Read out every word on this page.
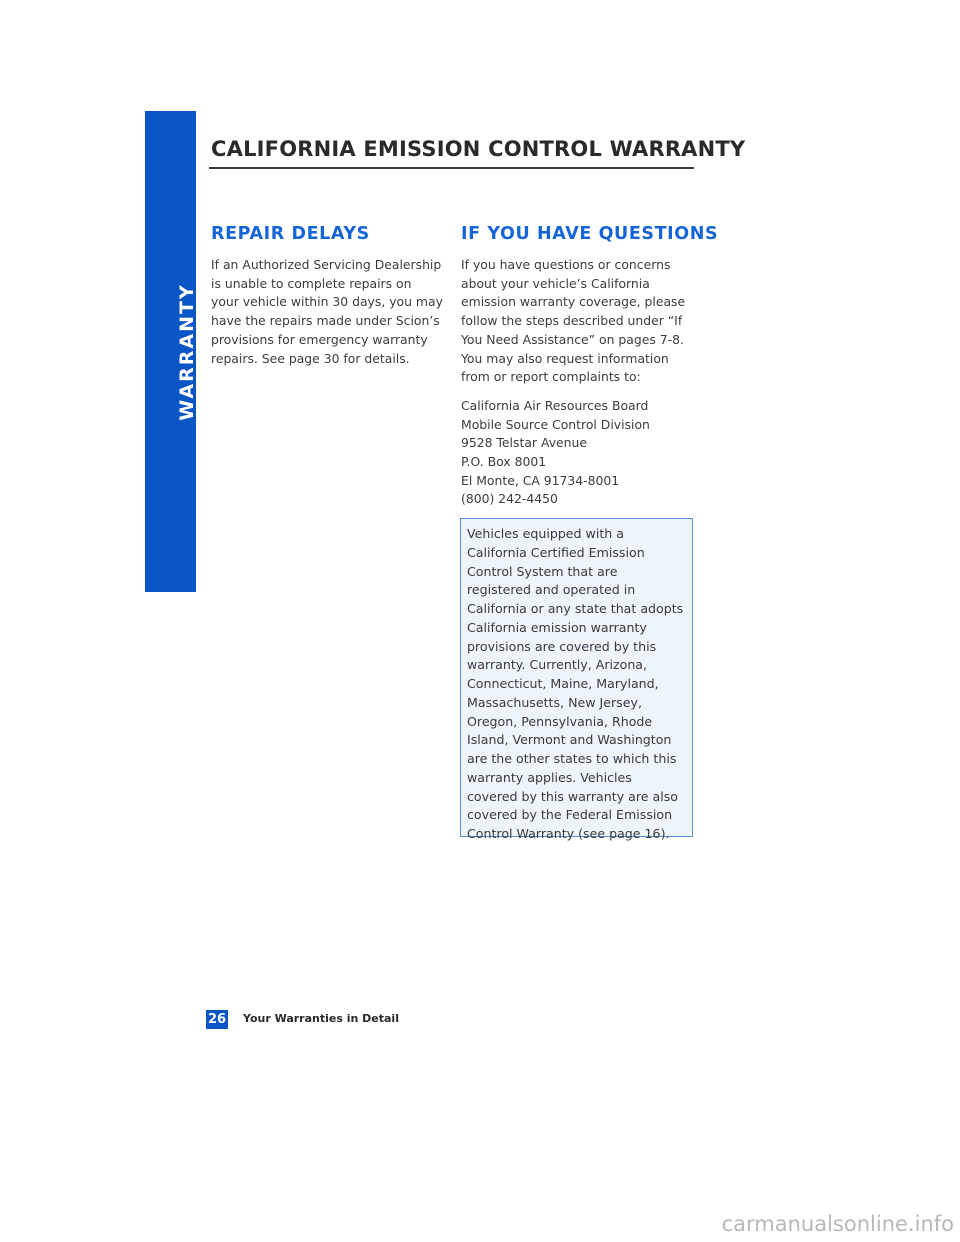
WARRANTY
CALIFORNIA EMISSION CONTROL WARRANTY
REPAIR DELAYS

If an Authorized Servicing Dealership is unable to complete repairs on your vehicle within 30 days, you may have the repairs made under Scion’s provisions for emergency warranty repairs. See page 30 for details.

IF YOU HAVE QUESTIONS

If you have questions or concerns about your vehicle’s California emission warranty coverage, please follow the steps described under “If You Need Assistance” on pages 7-8. You may also request information from or report complaints to:

California Air Resources Board
Mobile Source Control Division
9528 Telstar Avenue
P.O. Box 8001
El Monte, CA 91734-8001
(800) 242-4450

Vehicles equipped with a California Certified Emission Control System that are registered and operated in California or any state that adopts California emission warranty provisions are covered by this warranty. Currently, Arizona, Connecticut, Maine, Maryland, Massachusetts, New Jersey, Oregon, Pennsylvania, Rhode Island, Vermont and Washington are the other states to which this warranty applies. Vehicles covered by this warranty are also covered by the Federal Emission Control Warranty (see page 16).

26 Your Warranties in Detail
carmanualsonline.info
